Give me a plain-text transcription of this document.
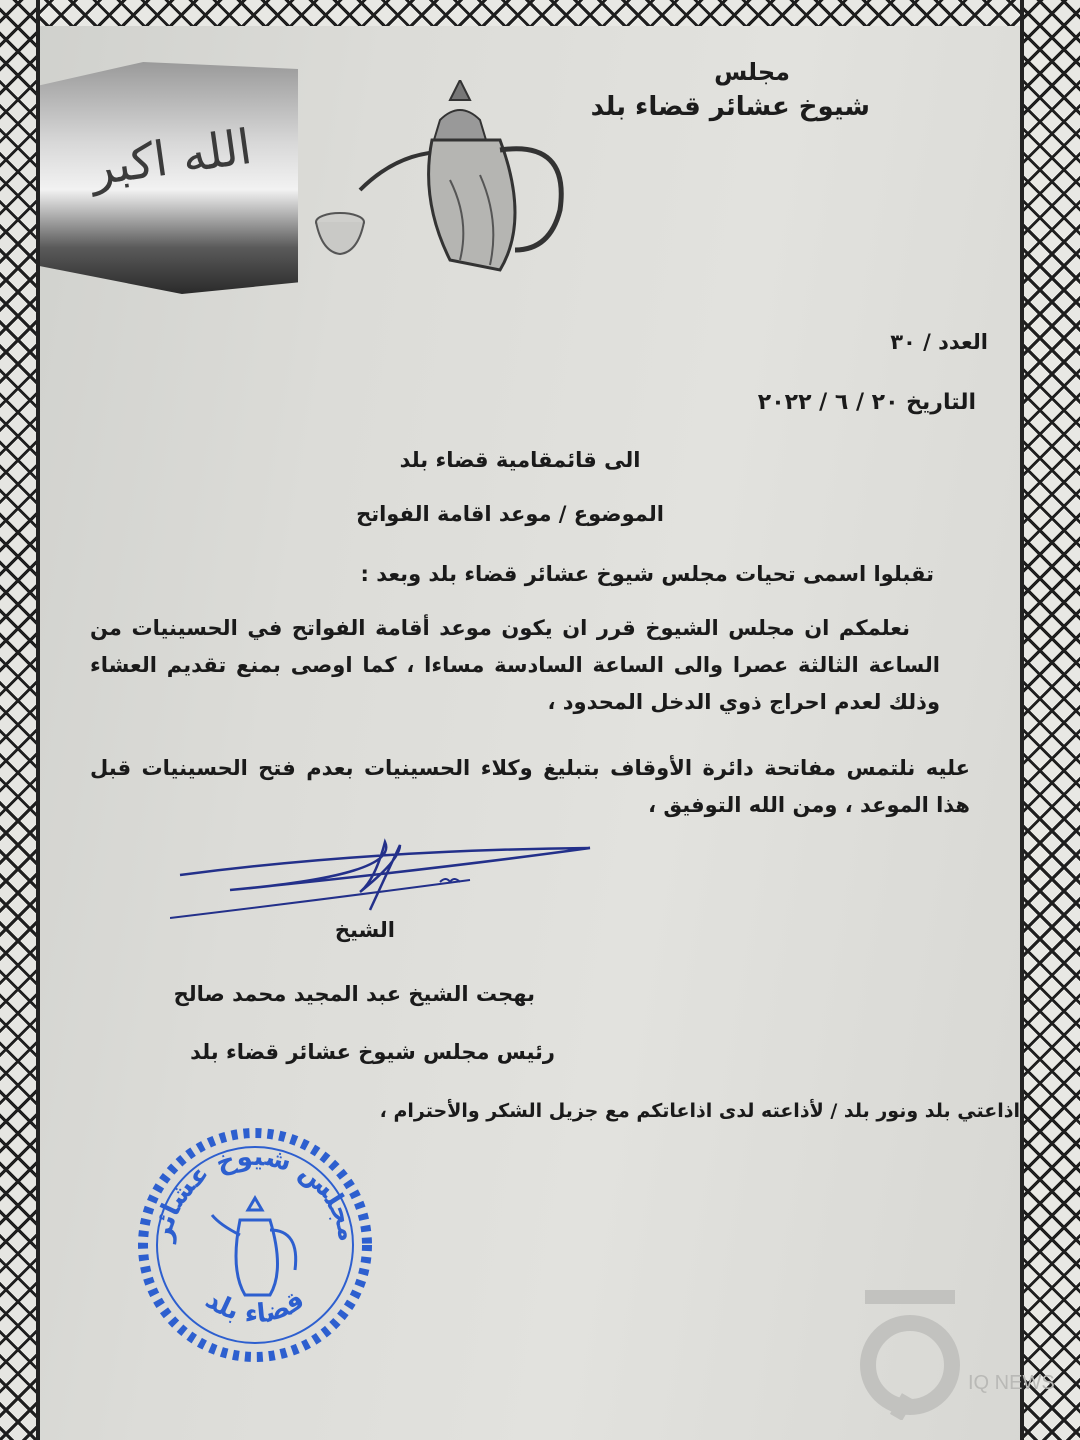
الله اكبر
مجلس
شيوخ عشائر قضاء بلد
العدد / ٣٠
التاريخ ٢٠ / ٦ / ٢٠٢٢
الى قائمقامية قضاء بلد
الموضوع / موعد اقامة الفواتح
تقبلوا اسمى تحيات مجلس شيوخ عشائر قضاء بلد وبعد :
نعلمكم ان مجلس الشيوخ قرر ان يكون موعد أقامة الفواتح في الحسينيات من الساعة الثالثة عصرا والى الساعة السادسة مساءا ، كما اوصى بمنع تقديم العشاء وذلك لعدم احراج ذوي الدخل المحدود ،
عليه نلتمس مفاتحة دائرة الأوقاف بتبليغ وكلاء الحسينيات بعدم فتح الحسينيات قبل هذا الموعد ، ومن الله التوفيق ،
الشيخ
بهجت الشيخ عبد المجيد محمد صالح
رئيس مجلس شيوخ عشائر قضاء بلد
اذاعتي بلد ونور بلد / لأذاعته لدى اذاعاتكم مع جزيل الشكر والأحترام ،
مجلس شيوخ عشائر
قضاء بلد
IQ NEWS
